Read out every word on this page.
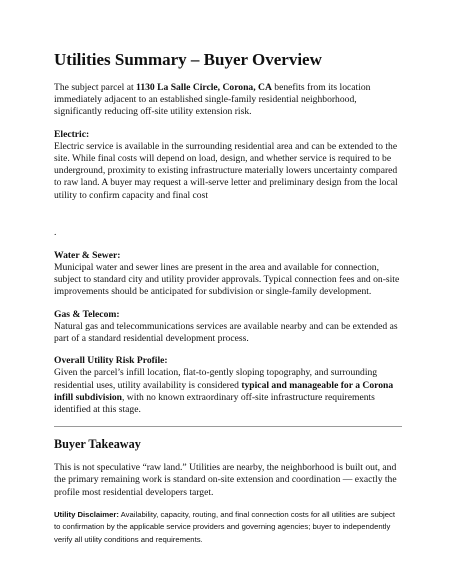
Utilities Summary – Buyer Overview

The subject parcel at 1130 La Salle Circle, Corona, CA benefits from its location immediately adjacent to an established single-family residential neighborhood, significantly reducing off-site utility extension risk.

Electric:

Electric service is available in the surrounding residential area and can be extended to the site. While final costs will depend on load, design, and whether service is required to be underground, proximity to existing infrastructure materially lowers uncertainty compared to raw land. A buyer may request a will-serve letter and preliminary design from the local utility to confirm capacity and final cost

.
Water & Sewer:

Municipal water and sewer lines are present in the area and available for connection, subject to standard city and utility provider approvals. Typical connection fees and on-site improvements should be anticipated for subdivision or single-family development.

Gas & Telecom:

Natural gas and telecommunications services are available nearby and can be extended as part of a standard residential development process.

Overall Utility Risk Profile:

Given the parcel’s infill location, flat-to-gently sloping topography, and surrounding residential uses, utility availability is considered typical and manageable for a Corona infill subdivision, with no known extraordinary off-site infrastructure requirements identified at this stage.

Buyer Takeaway

This is not speculative “raw land.” Utilities are nearby, the neighborhood is built out, and the primary remaining work is standard on-site extension and coordination — exactly the profile most residential developers target.

Utility Disclaimer: Availability, capacity, routing, and final connection costs for all utilities are subject to confirmation by the applicable service providers and governing agencies; buyer to independently verify all utility conditions and requirements.
